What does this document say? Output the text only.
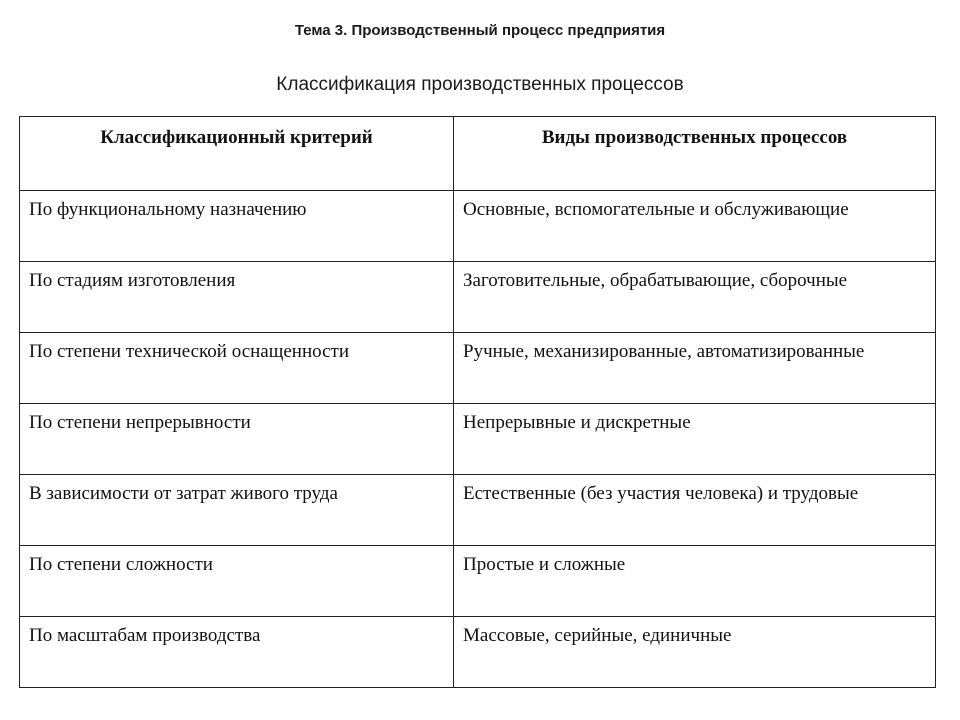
Тема 3. Производственный процесс предприятия
Классификация производственных процессов
Классификационный критерий	Виды производственных процессов
По функциональному назначению	Основные, вспомогательные и обслуживающие
По стадиям изготовления	Заготовительные, обрабатывающие, сборочные
По степени технической оснащенности	Ручные, механизированные, автоматизированные
По степени непрерывности	Непрерывные и дискретные
В зависимости от затрат живого труда	Естественные (без участия человека) и трудовые
По степени сложности	Простые и сложные
По масштабам производства	Массовые, серийные, единичные
